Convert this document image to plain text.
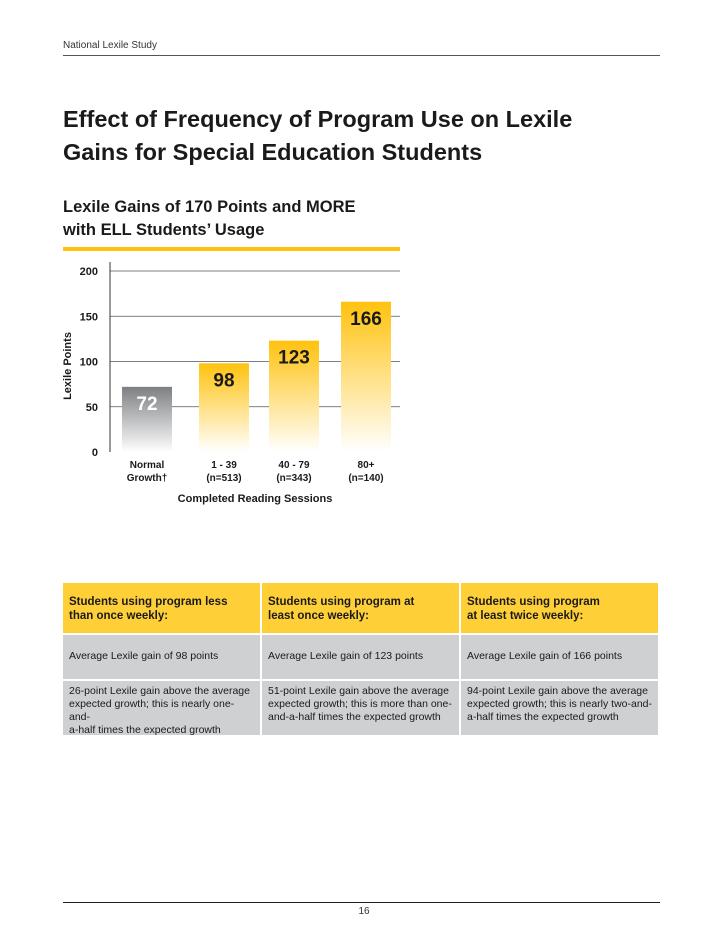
National Lexile Study
Effect of Frequency of Program Use on Lexile
Gains for Special Education Students
Lexile Gains of 170 Points and MORE
with ELL Students’ Usage
0
50
100
150
200
72
Normal
Growth†
98
1 - 39
(n=513)
123
40 - 79
(n=343)
166
80+
(n=140)
Lexile Points
Completed Reading Sessions
Students using program less
than once weekly:
Students using program at
least once weekly:
Students using program
at least twice weekly:
Average Lexile gain of 98 points	Average Lexile gain of 123 points	Average Lexile gain of 166 points
26-point Lexile gain above the average
expected growth; this is nearly one-and-
a-half times the expected growth
51-point Lexile gain above the average
expected growth; this is more than one-
and-a-half times the expected growth
94-point Lexile gain above the average
expected growth; this is nearly two-and-
a-half times the expected growth
16
